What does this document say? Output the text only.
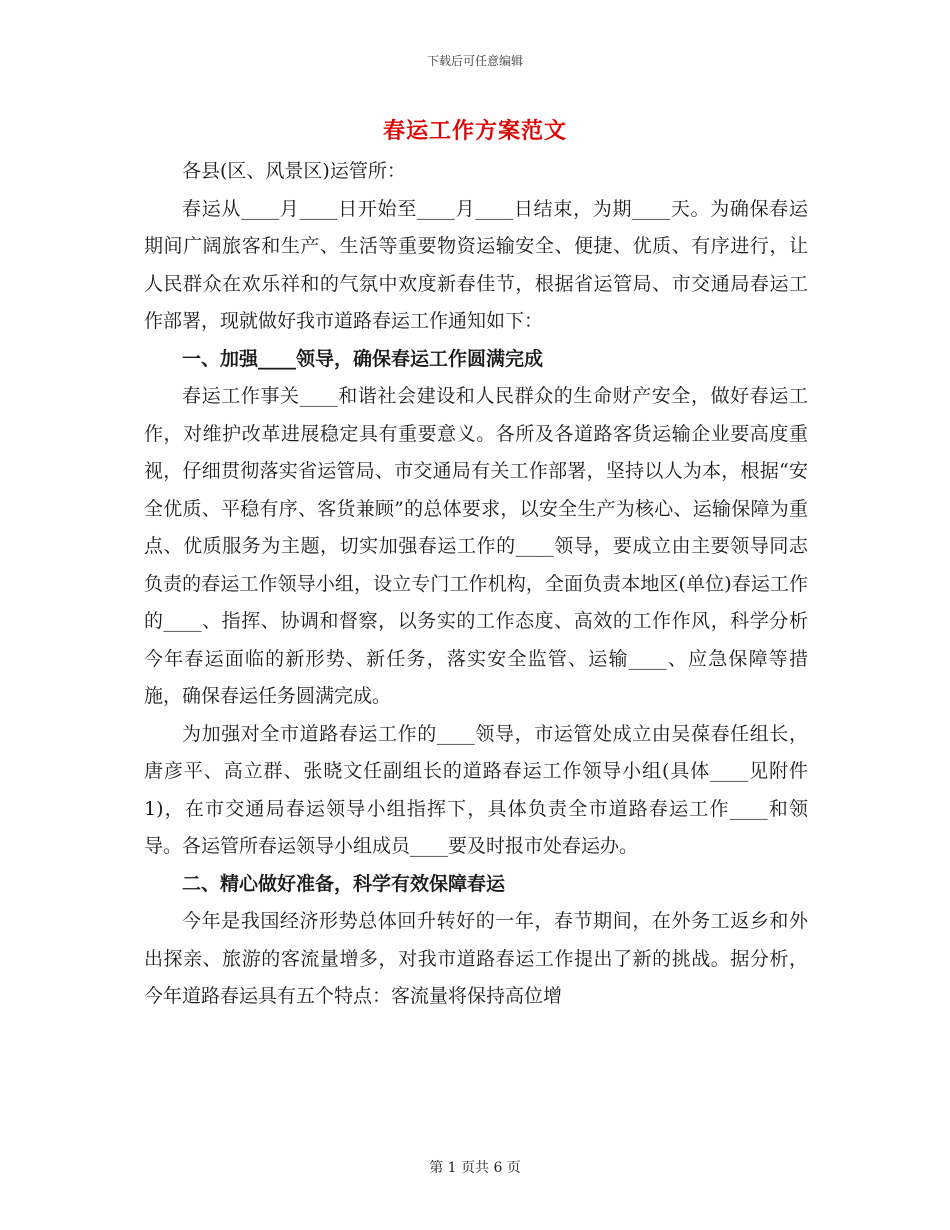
下载后可任意编辑
春运工作方案范文

各县(区、风景区)运管所：

春运从____月____日开始至____月____日结束，为期____天。为确保春运期间广阔旅客和生产、生活等重要物资运输安全、便捷、优质、有序进行，让人民群众在欢乐祥和的气氛中欢度新春佳节，根据省运管局、市交通局春运工作部署，现就做好我市道路春运工作通知如下：

一、加强____领导，确保春运工作圆满完成

春运工作事关____和谐社会建设和人民群众的生命财产安全，做好春运工作，对维护改革进展稳定具有重要意义。各所及各道路客货运输企业要高度重视，仔细贯彻落实省运管局、市交通局有关工作部署，坚持以人为本，根据“安全优质、平稳有序、客货兼顾”的总体要求，以安全生产为核心、运输保障为重点、优质服务为主题，切实加强春运工作的____领导，要成立由主要领导同志负责的春运工作领导小组，设立专门工作机构，全面负责本地区(单位)春运工作的____、指挥、协调和督察，以务实的工作态度、高效的工作作风，科学分析今年春运面临的新形势、新任务，落实安全监管、运输____、应急保障等措施，确保春运任务圆满完成。

为加强对全市道路春运工作的____领导，市运管处成立由吴葆春任组长，唐彦平、高立群、张晓文任副组长的道路春运工作领导小组(具体____见附件1)，在市交通局春运领导小组指挥下，具体负责全市道路春运工作____和领导。各运管所春运领导小组成员____要及时报市处春运办。

二、精心做好准备，科学有效保障春运

今年是我国经济形势总体回升转好的一年，春节期间，在外务工返乡和外出探亲、旅游的客流量增多，对我市道路春运工作提出了新的挑战。据分析，今年道路春运具有五个特点：客流量将保持高位增

第 1 页共 6 页
